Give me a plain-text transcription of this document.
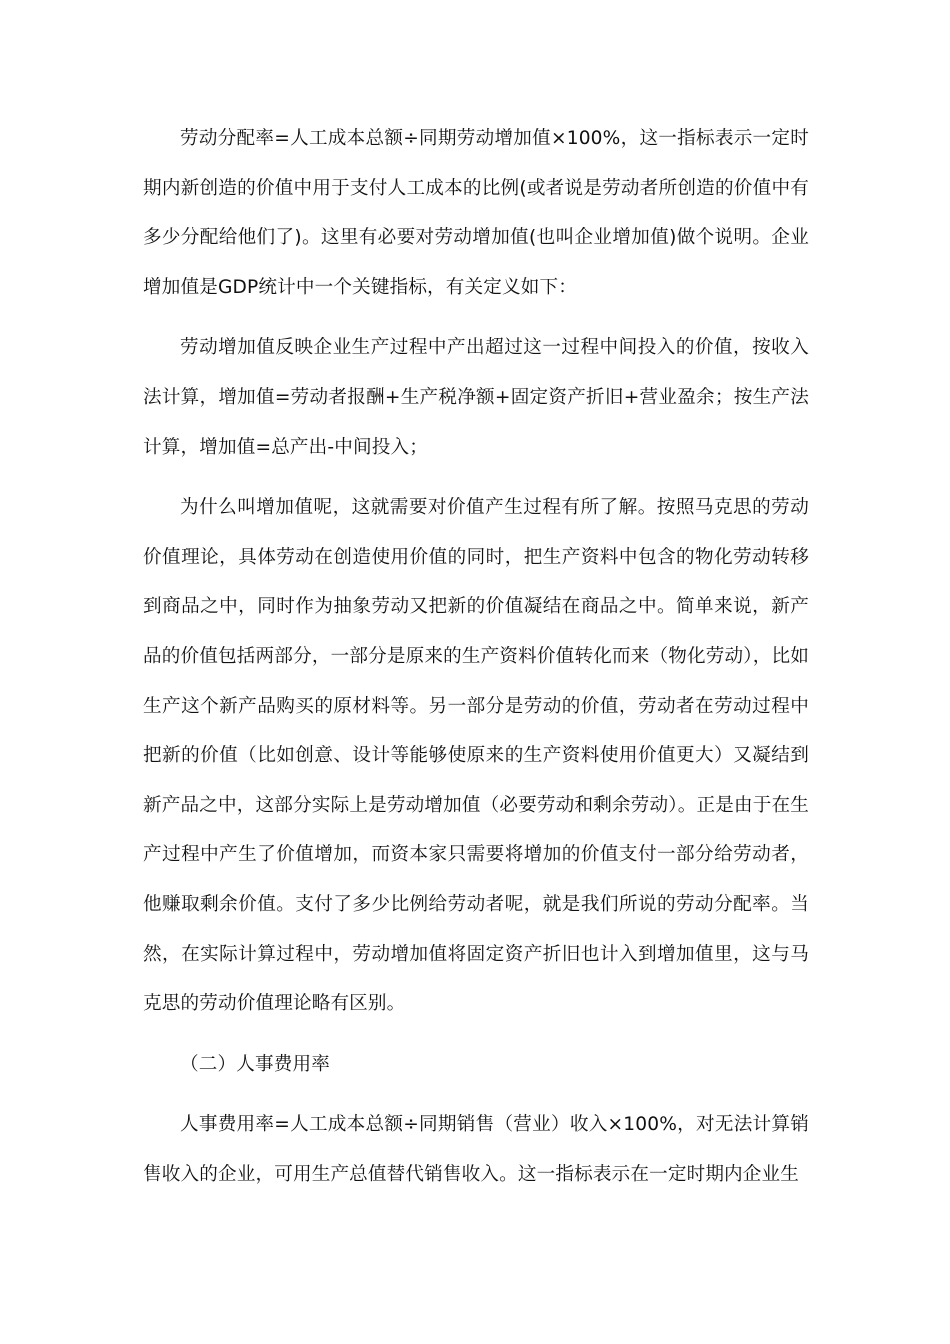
劳动分配率=人工成本总额÷同期劳动增加值×100%，这一指标表示一定时期内新创造的价值中用于支付人工成本的比例(或者说是劳动者所创造的价值中有多少分配给他们了)。这里有必要对劳动增加值(也叫企业增加值)做个说明。企业增加值是GDP统计中一个关键指标，有关定义如下：

劳动增加值反映企业生产过程中产出超过这一过程中间投入的价值，按收入法计算，增加值=劳动者报酬+生产税净额+固定资产折旧+营业盈余；按生产法计算，增加值=总产出-中间投入；

为什么叫增加值呢，这就需要对价值产生过程有所了解。按照马克思的劳动价值理论，具体劳动在创造使用价值的同时，把生产资料中包含的物化劳动转移到商品之中，同时作为抽象劳动又把新的价值凝结在商品之中。简单来说，新产品的价值包括两部分，一部分是原来的生产资料价值转化而来（物化劳动），比如生产这个新产品购买的原材料等。另一部分是劳动的价值，劳动者在劳动过程中把新的价值（比如创意、设计等能够使原来的生产资料使用价值更大）又凝结到新产品之中，这部分实际上是劳动增加值（必要劳动和剩余劳动）。正是由于在生产过程中产生了价值增加，而资本家只需要将增加的价值支付一部分给劳动者，他赚取剩余价值。支付了多少比例给劳动者呢，就是我们所说的劳动分配率。当然，在实际计算过程中，劳动增加值将固定资产折旧也计入到增加值里，这与马克思的劳动价值理论略有区别。

（二）人事费用率

人事费用率=人工成本总额÷同期销售（营业）收入×100%，对无法计算销售收入的企业，可用生产总值替代销售收入。这一指标表示在一定时期内企业生
